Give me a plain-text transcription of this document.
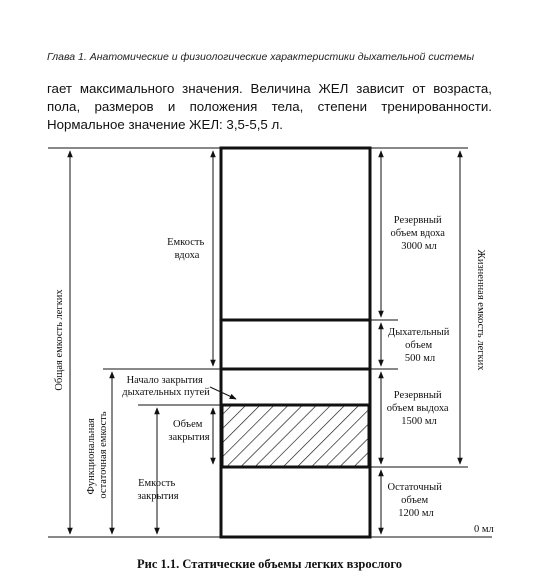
Глава 1. Анатомические и физиологические характеристики дыхательной системы
гает максимального значения. Величина ЖЕЛ зависит от возраста,
пола, размеров и положения тела, степени тренированности.
Нормальное значение ЖЕЛ: 3,5-5,5 л.
Емкость вдоха
Начало закрытия дыхательных путей
Объем закрытия
Емкость закрытия
Резервный объем вдоха 3000 мл
Дыхательный объем 500 мл
Резервный объем выдоха 1500 мл
Остаточный объем 1200 мл
0 мл
Общая емкость легких
Функциональная остаточная емкость
Жизненная емкость легких
Рис 1.1. Статические объемы легких взрослого
